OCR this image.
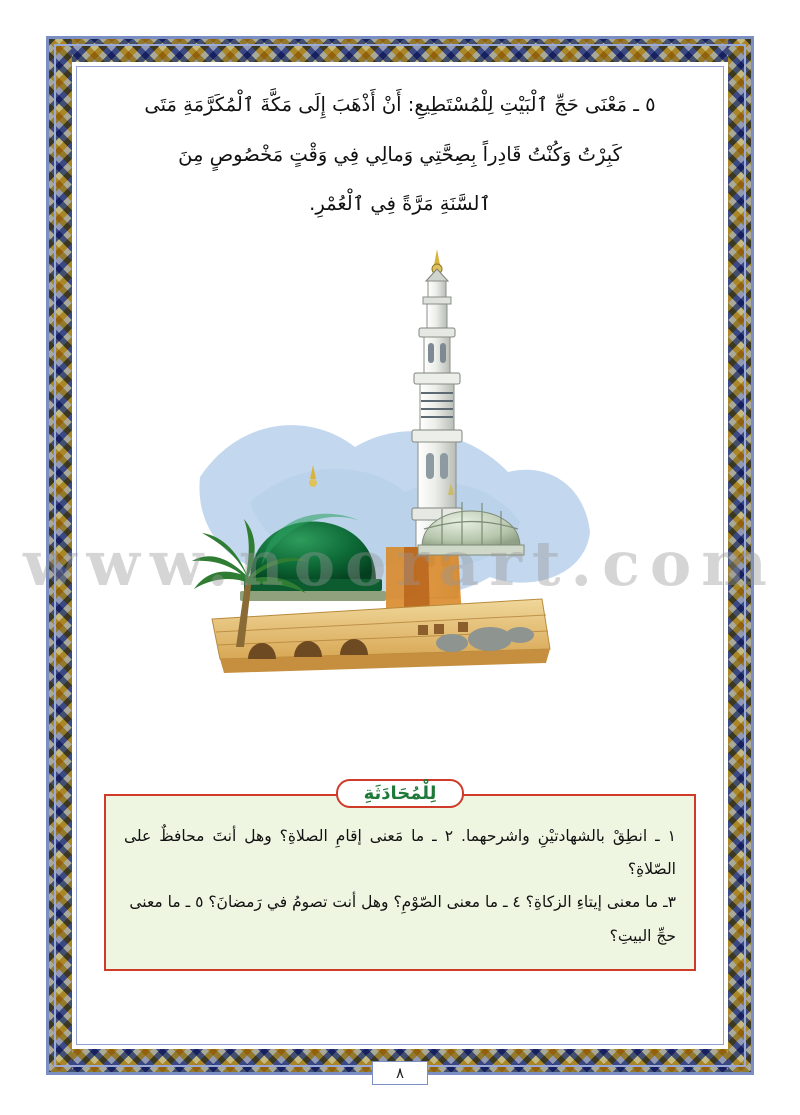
٥ ـ مَعْنَى حَجِّ ٱلْبَيْتِ لِلْمُسْتَطِيعِ: أَنْ أَذْهَبَ إِلَى مَكَّةَ ٱلْمُكَرَّمَةِ مَتَى
كَبِرْتُ وَكُنْتُ قَادِراً بِصِحَّتِي وَمالِي فِي وَقْتٍ مَخْصُوصٍ مِنَ
ٱلسَّنَةِ مَرَّةً فِي ٱلْعُمْرِ.
لِلْمُحَادَثَةِ
١ ـ انطِقْ بالشهادتيْنِ واشرحهما. ٢ ـ ما مَعنى إقامِ الصلاةِ؟ وهل أنتَ محافظٌ على الصّلاةِ؟
٣ـ ما معنى إيتاءِ الزكاةِ؟ ٤ ـ ما معنى الصّوْمِ؟ وهل أنت تصومُ في رَمضانَ؟ ٥ ـ ما معنى
حجِّ البيتِ؟
www.noorart.com
٨
